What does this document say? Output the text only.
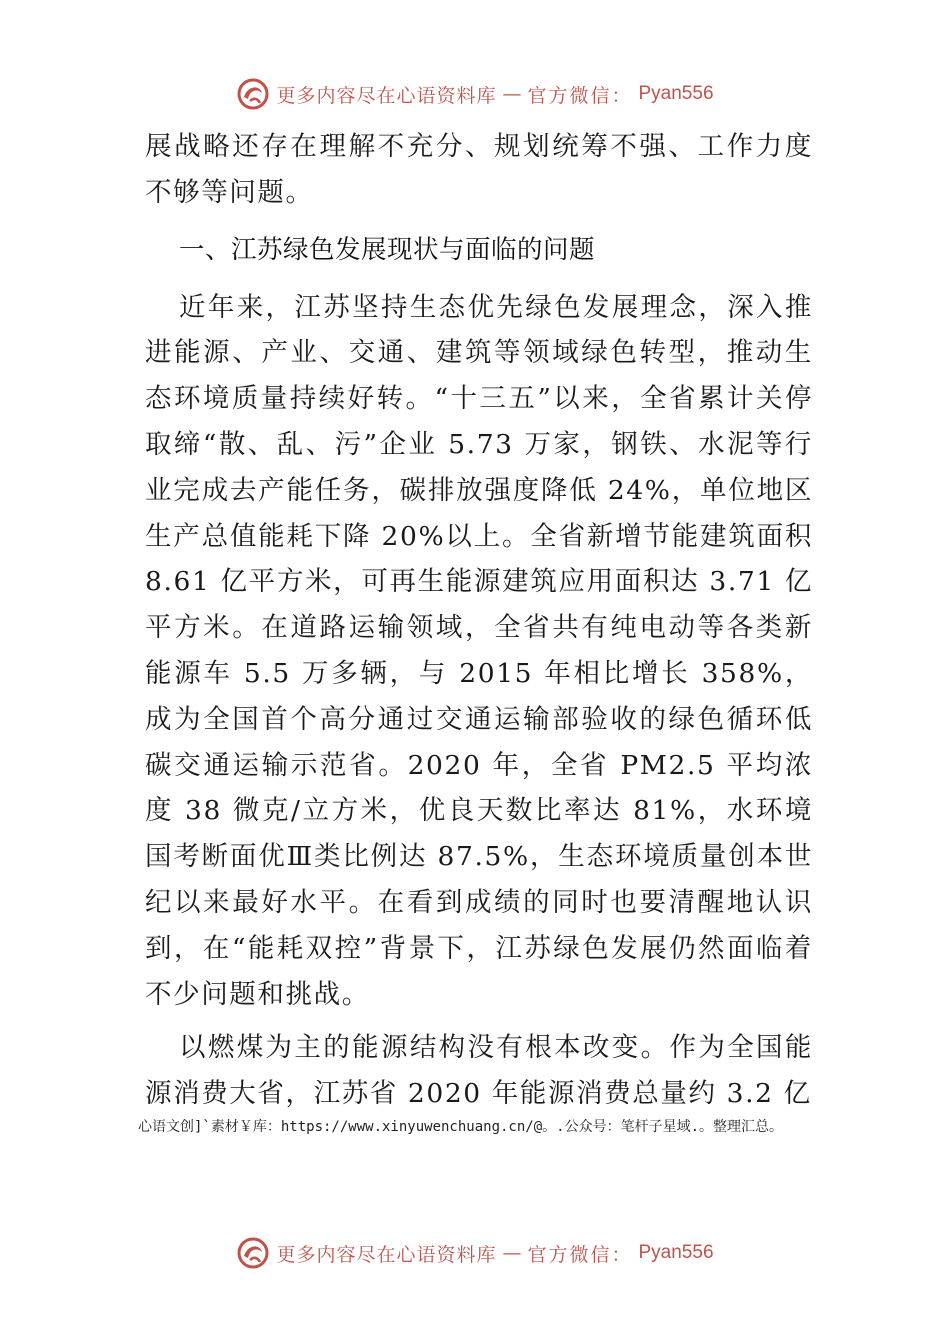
更多内容尽在心语资料库 — 官方微信： Pyan556

展战略还存在理解不充分、规划统筹不强、工作力度不够等问题。

一、江苏绿色发展现状与面临的问题

近年来，江苏坚持生态优先绿色发展理念，深入推进能源、产业、交通、建筑等领域绿色转型，推动生态环境质量持续好转。“十三五”以来，全省累计关停取缔“散、乱、污”企业 5.73 万家，钢铁、水泥等行业完成去产能任务，碳排放强度降低 24%，单位地区生产总值能耗下降 20%以上。全省新增节能建筑面积 8.61 亿平方米，可再生能源建筑应用面积达 3.71 亿平方米。在道路运输领域，全省共有纯电动等各类新能源车 5.5 万多辆，与 2015 年相比增长 358%，成为全国首个高分通过交通运输部验收的绿色循环低碳交通运输示范省。2020 年，全省 PM2.5 平均浓度 38 微克/立方米，优良天数比率达 81%，水环境国考断面优Ⅲ类比例达 87.5%，生态环境质量创本世纪以来最好水平。在看到成绩的同时也要清醒地认识到，在“能耗双控”背景下，江苏绿色发展仍然面临着不少问题和挑战。

以燃煤为主的能源结构没有根本改变。作为全国能源消费大省，江苏省 2020 年能源消费总量约 3.2 亿

心语文创]`素材￥库：https://www.xinyuwenchuang.cn/@。.公众号：笔杆子星域.。整理汇总。
更多内容尽在心语资料库 — 官方微信： Pyan556
